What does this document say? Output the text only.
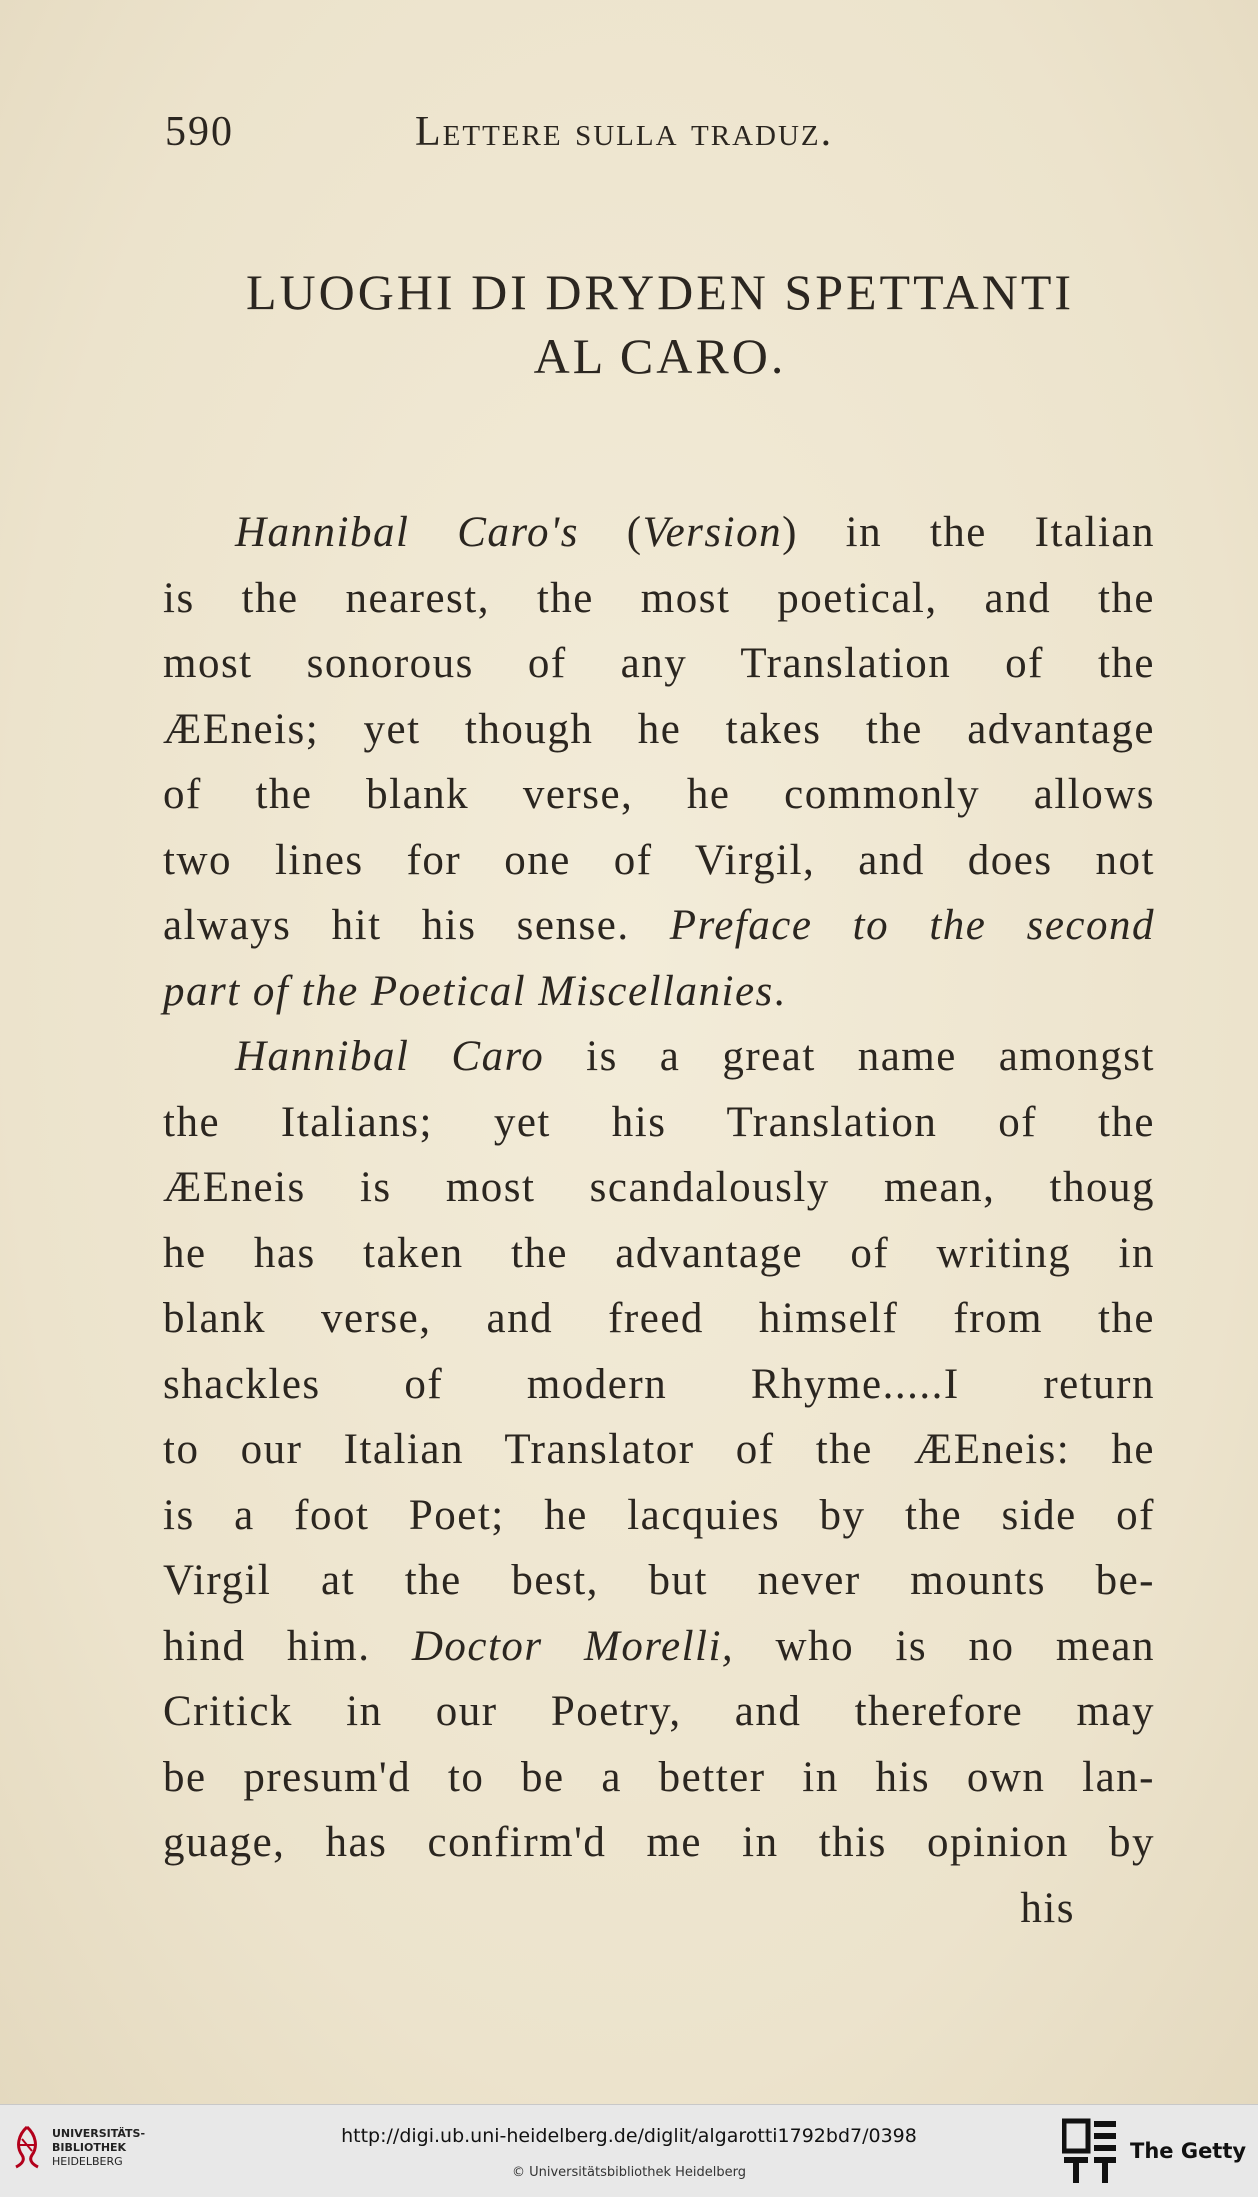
590	Lettere sulla traduz.
LUOGHI DI DRYDEN SPETTANTI
AL CARO.
Hannibal Caro's (Version) in the Italian
is the nearest, the most poetical, and the
most sonorous of any Translation of the
ÆEneis; yet though he takes the advantage
of the blank verse, he commonly allows
two lines for one of Virgil, and does not
always hit his sense. Preface to the second
part of the Poetical Miscellanies.
Hannibal Caro is a great name amongst
the Italians; yet his Translation of the
ÆEneis is most scandalously mean, thoug
he has taken the advantage of writing in
blank verse, and freed himself from the
shackles of modern Rhyme.....I return
to our Italian Translator of the ÆEneis: he
is a foot Poet; he lacquies by the side of
Virgil at the best, but never mounts be-
hind him. Doctor Morelli, who is no mean
Critick in our Poetry, and therefore may
be presum'd to be a better in his own lan-
guage, has confirm'd me in this opinion by
his
UNIVERSITÄTS-
BIBLIOTHEK
HEIDELBERG
http://digi.ub.uni-heidelberg.de/diglit/algarotti1792bd7/0398
© Universitätsbibliothek Heidelberg
The Getty
